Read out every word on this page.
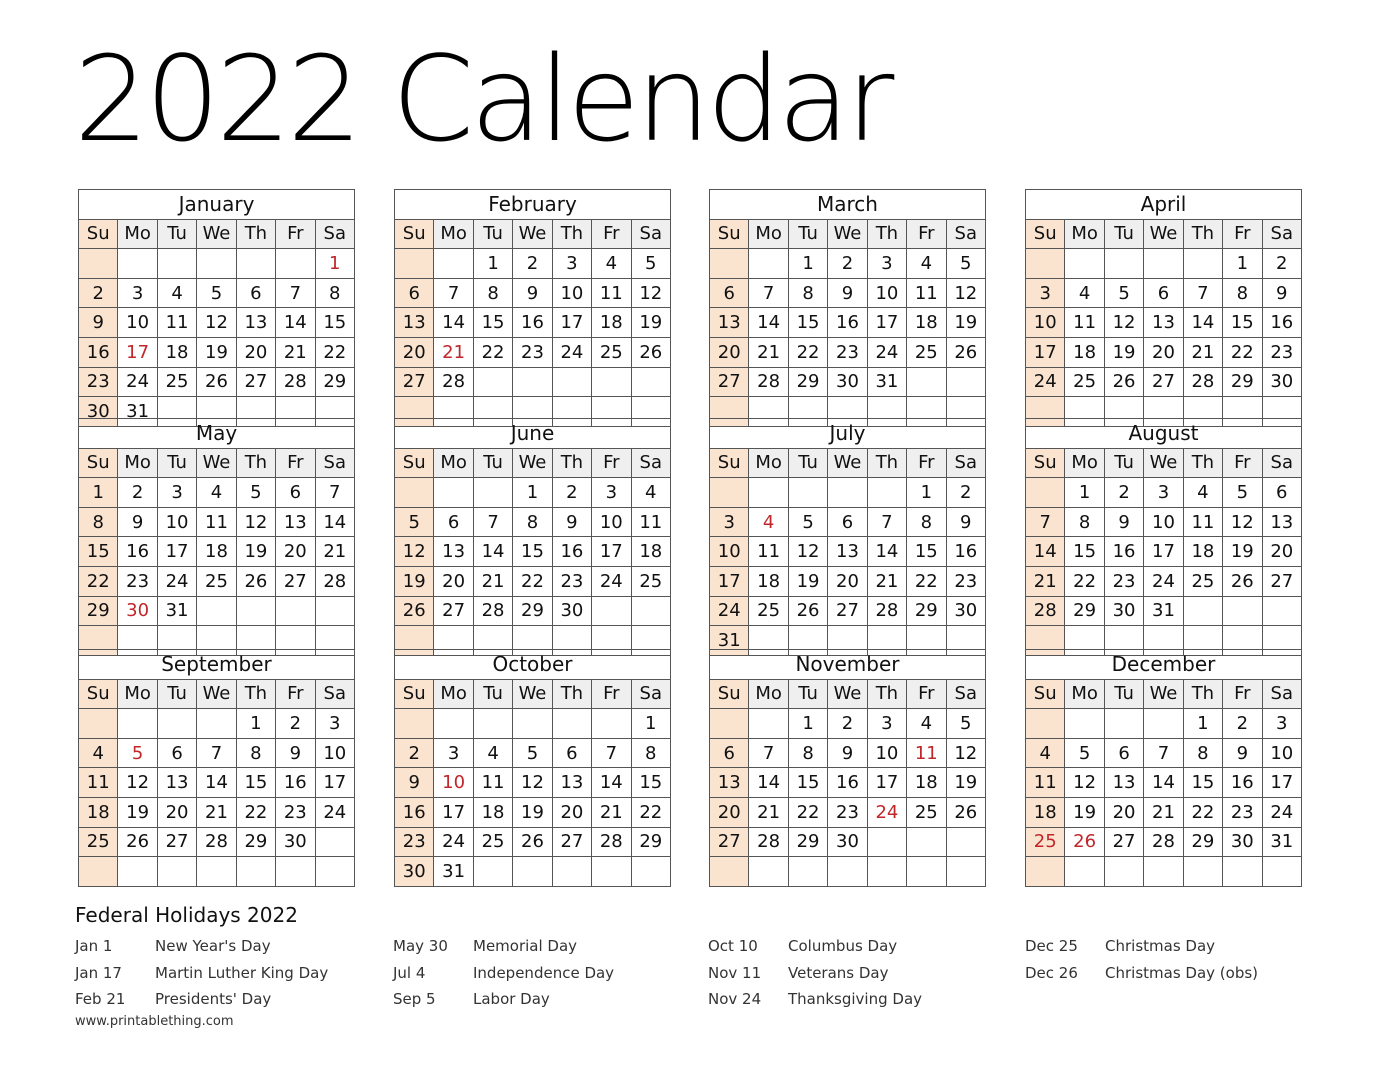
2022 Calendar
January						
Su	Mo	Tu	We	Th	Fr	Sa
						1
2	3	4	5	6	7	8
9	10	11	12	13	14	15
16	17	18	19	20	21	22
23	24	25	26	27	28	29
30	31					
February						
Su	Mo	Tu	We	Th	Fr	Sa
		1	2	3	4	5
6	7	8	9	10	11	12
13	14	15	16	17	18	19
20	21	22	23	24	25	26
27	28					

March						
Su	Mo	Tu	We	Th	Fr	Sa
		1	2	3	4	5
6	7	8	9	10	11	12
13	14	15	16	17	18	19
20	21	22	23	24	25	26
27	28	29	30	31		

April						
Su	Mo	Tu	We	Th	Fr	Sa
					1	2
3	4	5	6	7	8	9
10	11	12	13	14	15	16
17	18	19	20	21	22	23
24	25	26	27	28	29	30

May						
Su	Mo	Tu	We	Th	Fr	Sa
1	2	3	4	5	6	7
8	9	10	11	12	13	14
15	16	17	18	19	20	21
22	23	24	25	26	27	28
29	30	31				

June						
Su	Mo	Tu	We	Th	Fr	Sa
			1	2	3	4
5	6	7	8	9	10	11
12	13	14	15	16	17	18
19	20	21	22	23	24	25
26	27	28	29	30		

July						
Su	Mo	Tu	We	Th	Fr	Sa
					1	2
3	4	5	6	7	8	9
10	11	12	13	14	15	16
17	18	19	20	21	22	23
24	25	26	27	28	29	30
31						
August						
Su	Mo	Tu	We	Th	Fr	Sa
	1	2	3	4	5	6
7	8	9	10	11	12	13
14	15	16	17	18	19	20
21	22	23	24	25	26	27
28	29	30	31			

September						
Su	Mo	Tu	We	Th	Fr	Sa
				1	2	3
4	5	6	7	8	9	10
11	12	13	14	15	16	17
18	19	20	21	22	23	24
25	26	27	28	29	30	

October						
Su	Mo	Tu	We	Th	Fr	Sa
						1
2	3	4	5	6	7	8
9	10	11	12	13	14	15
16	17	18	19	20	21	22
23	24	25	26	27	28	29
30	31					
November						
Su	Mo	Tu	We	Th	Fr	Sa
		1	2	3	4	5
6	7	8	9	10	11	12
13	14	15	16	17	18	19
20	21	22	23	24	25	26
27	28	29	30			

December						
Su	Mo	Tu	We	Th	Fr	Sa
				1	2	3
4	5	6	7	8	9	10
11	12	13	14	15	16	17
18	19	20	21	22	23	24
25	26	27	28	29	30	31

Federal Holidays 2022
Jan 1	New Year's Day
Jan 17 Martin Luther King Day
Feb 21 Presidents' Day
May 30 Memorial Day
Jul 4	Independence Day
Sep 5 Labor Day
Oct 10 Columbus Day
Nov 11 Veterans Day
Nov 24 Thanksgiving Day
Dec 25 Christmas Day
Dec 26 Christmas Day (obs)
www.printablething.com
